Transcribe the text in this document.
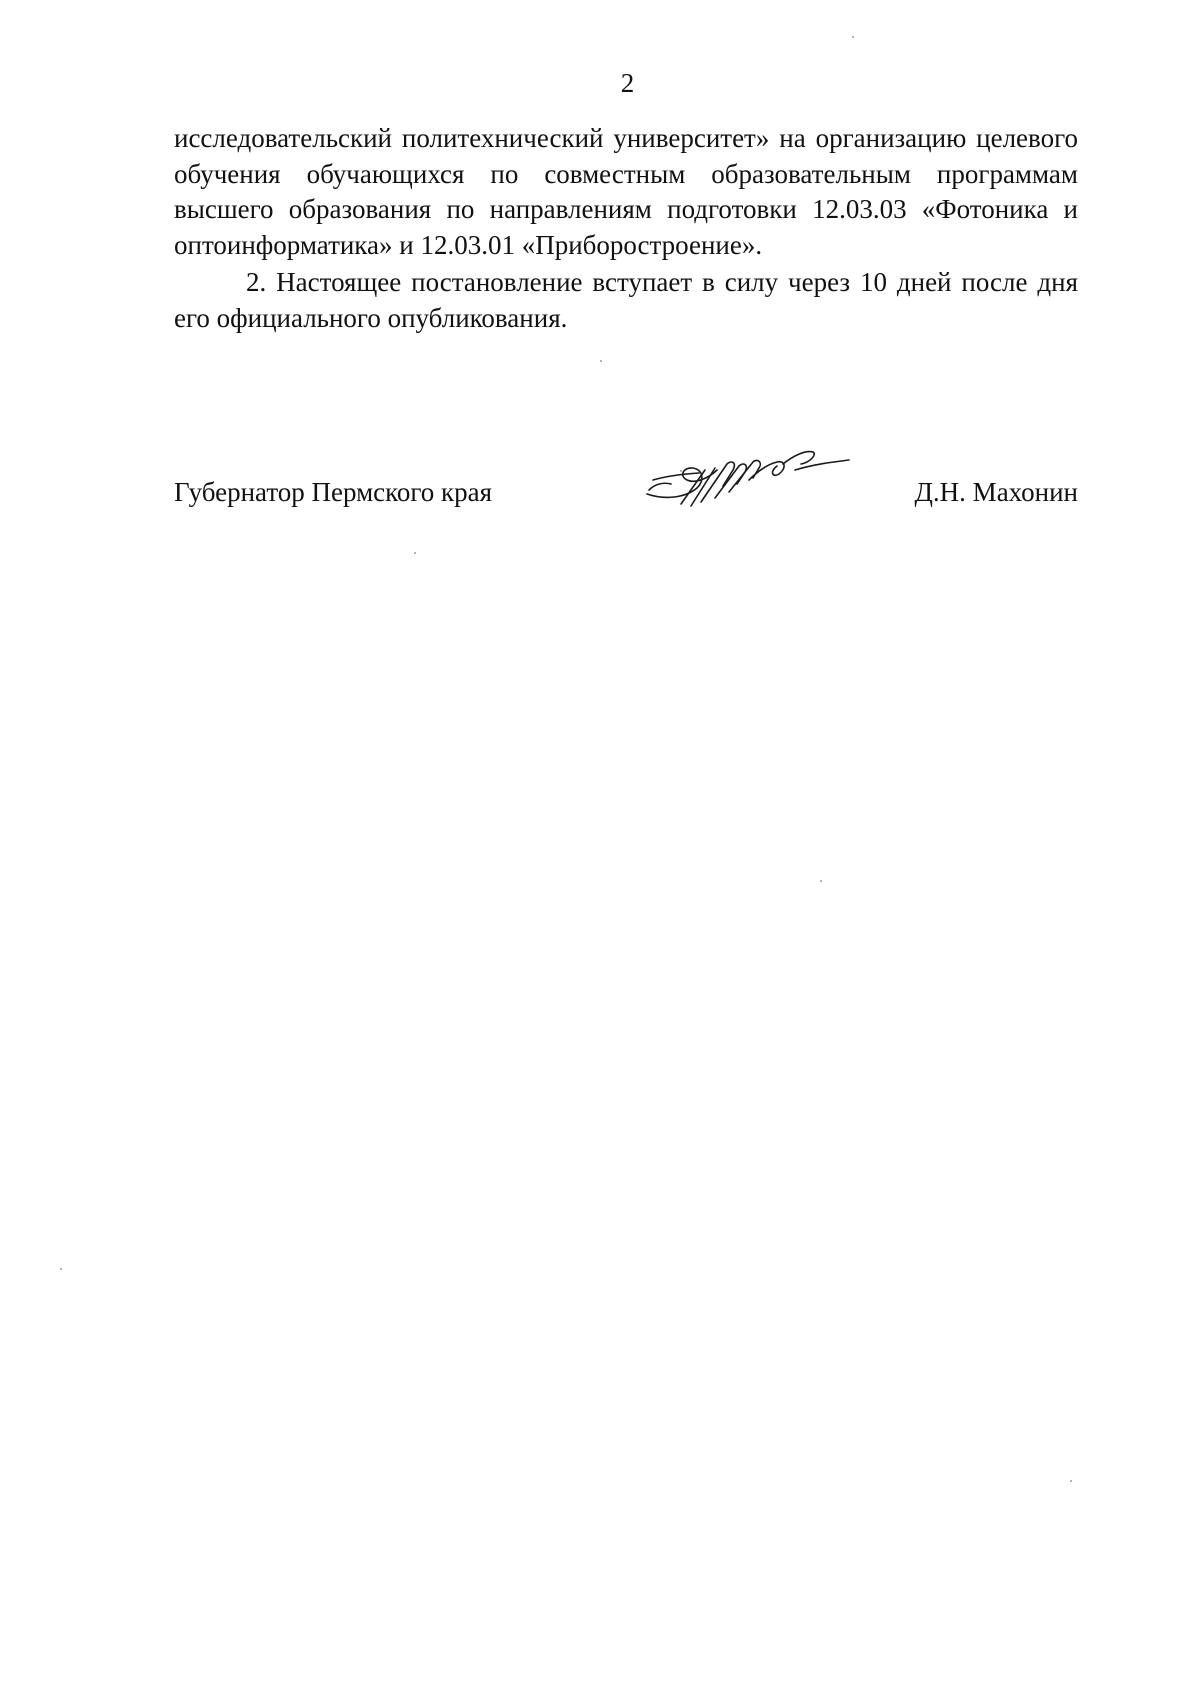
2

исследовательский политехнический университет» на организацию целевого обучения обучающихся по совместным образовательным программам высшего образования по направлениям подготовки 12.03.03 «Фотоника и оптоинформатика» и 12.03.01 «Приборостроение».

2. Настоящее постановление вступает в силу через 10 дней после дня его официального опубликования.

Губернатор Пермского края	Д.Н. Махонин
